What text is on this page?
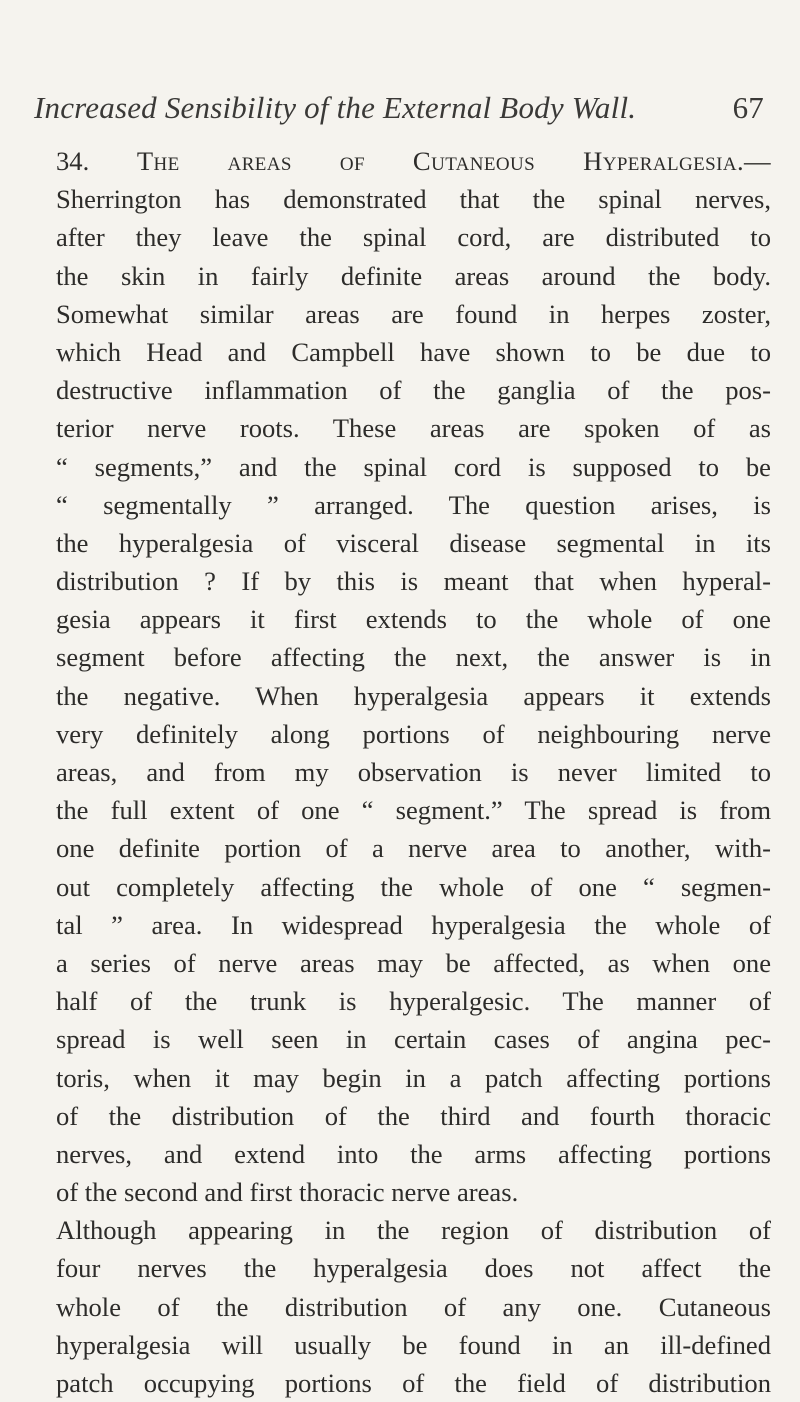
Increased Sensibility of the External Body Wall.	67
34. The areas of Cutaneous Hyperalgesia.—
Sherrington has demonstrated that the spinal nerves,
after they leave the spinal cord, are distributed to
the skin in fairly definite areas around the body.
Somewhat similar areas are found in herpes zoster,
which Head and Campbell have shown to be due to
destructive inflammation of the ganglia of the pos-
terior nerve roots. These areas are spoken of as
“ segments,” and the spinal cord is supposed to be
“ segmentally ” arranged. The question arises, is
the hyperalgesia of visceral disease segmental in its
distribution ? If by this is meant that when hyperal-
gesia appears it first extends to the whole of one
segment before affecting the next, the answer is in
the negative. When hyperalgesia appears it extends
very definitely along portions of neighbouring nerve
areas, and from my observation is never limited to
the full extent of one “ segment.” The spread is from
one definite portion of a nerve area to another, with-
out completely affecting the whole of one “ segmen-
tal ” area. In widespread hyperalgesia the whole of
a series of nerve areas may be affected, as when one
half of the trunk is hyperalgesic. The manner of
spread is well seen in certain cases of angina pec-
toris, when it may begin in a patch affecting portions
of the distribution of the third and fourth thoracic
nerves, and extend into the arms affecting portions
of the second and first thoracic nerve areas.
Although appearing in the region of distribution of
four nerves the hyperalgesia does not affect the
whole of the distribution of any one. Cutaneous
hyperalgesia will usually be found in an ill-defined
patch occupying portions of the field of distribution
